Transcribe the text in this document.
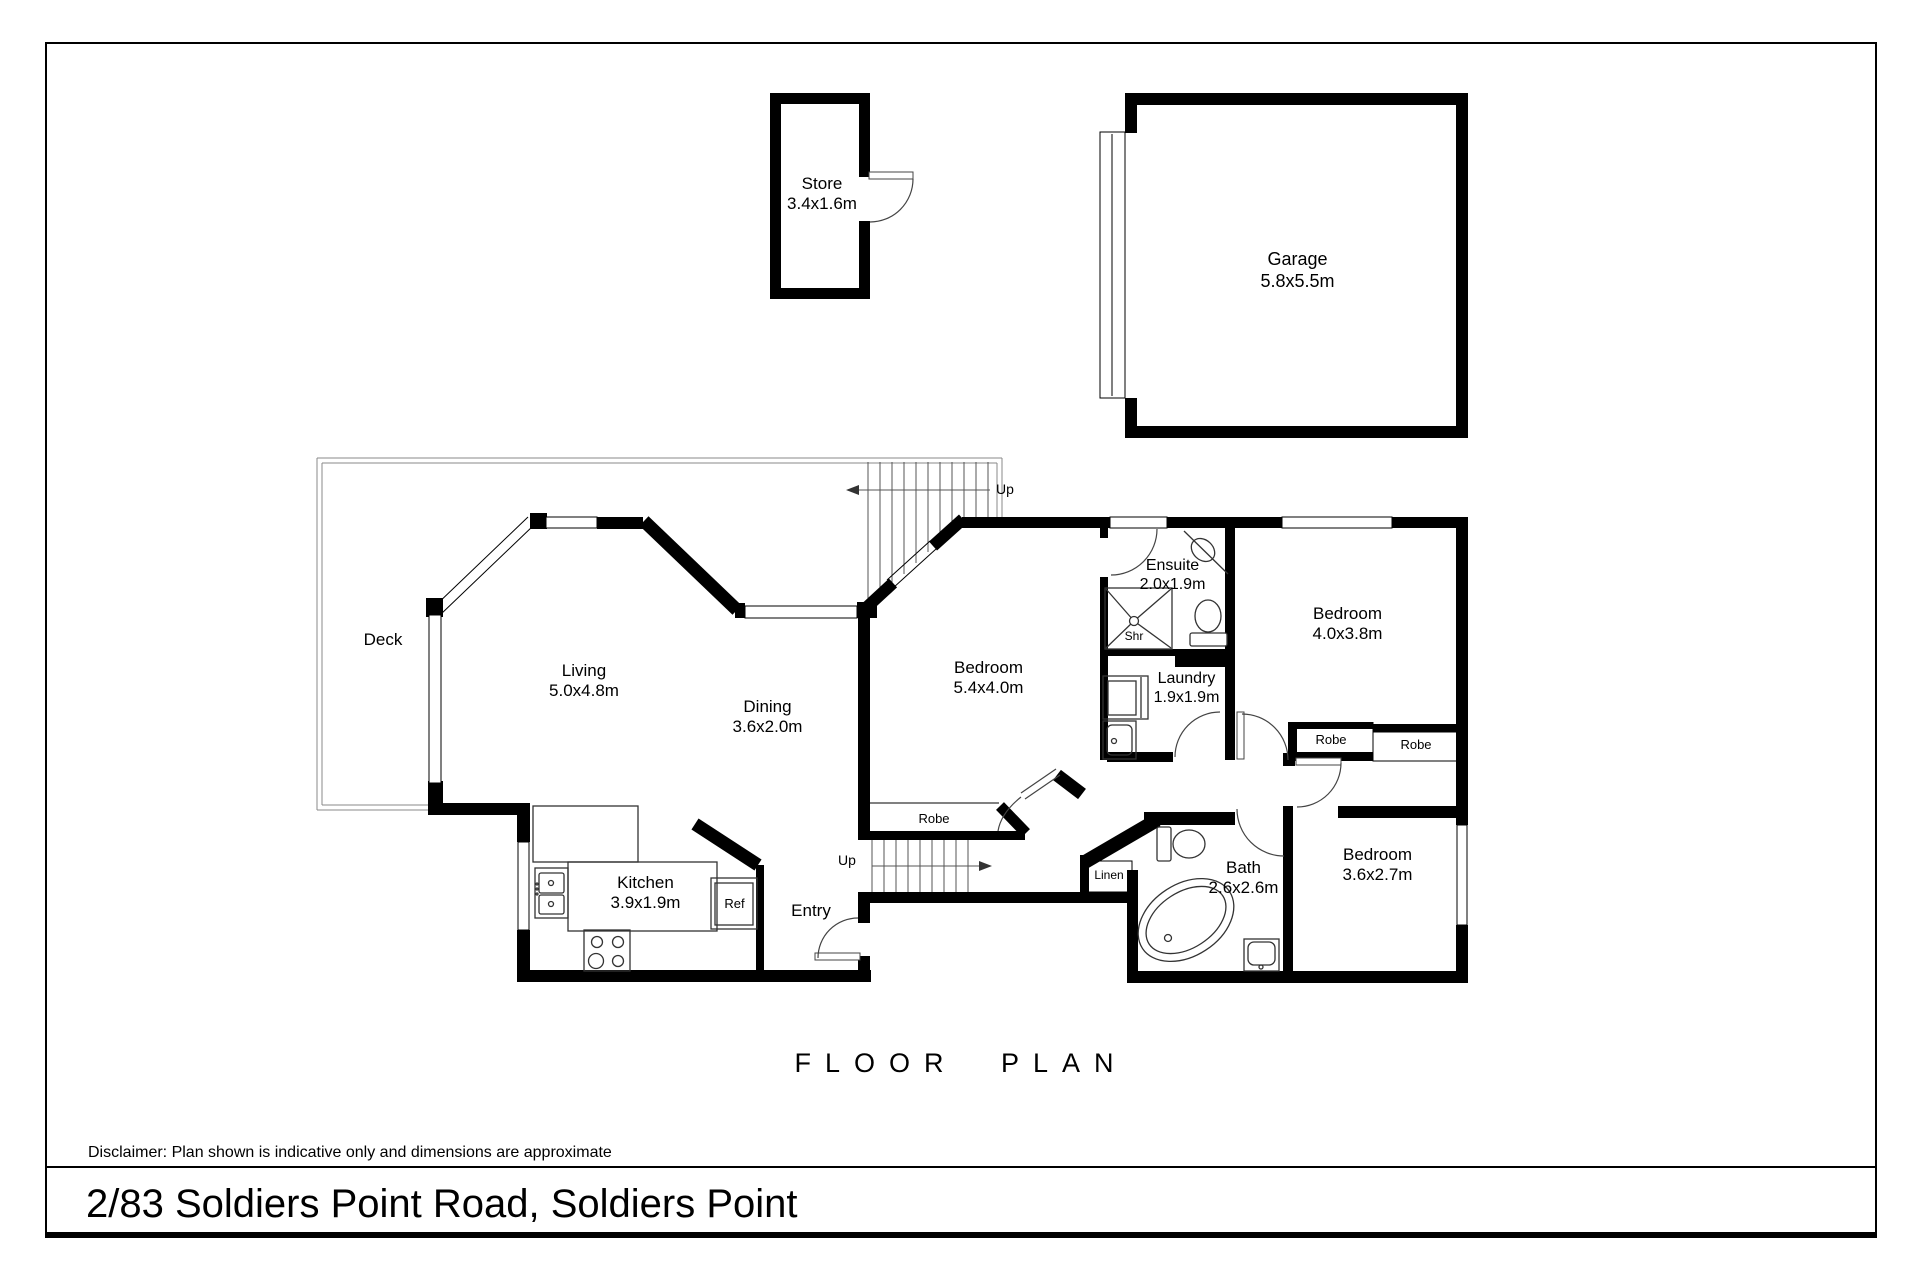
Store
3.4x1.6m
Garage
5.8x5.5m
Deck
Living
5.0x4.8m
Dining
3.6x2.0m
Kitchen
3.9x1.9m	Entry
Bedroom
5.4x4.0m
Ensuite
2.0x1.9m
Laundry
1.9x1.9m
Bedroom
4.0x3.8m
Bedroom
3.6x2.7m
Bath
2.6x2.6m
Robe
Robe	Robe
Linen
Ref
Shr
Up
Up
FLOOR PLAN
Disclaimer: Plan shown is indicative only and dimensions are approximate
2/83 Soldiers Point Road, Soldiers Point
